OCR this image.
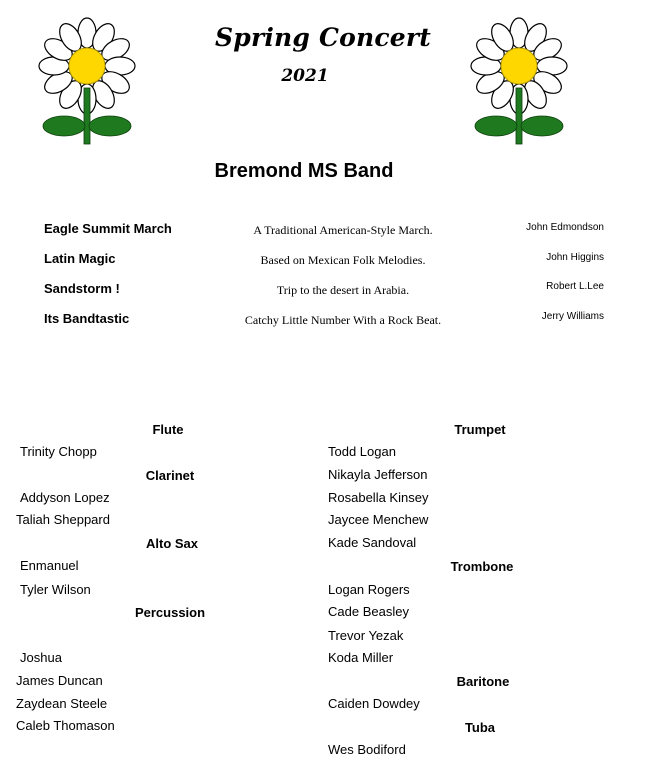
Spring Concert
2021
Bremond MS Band
Eagle Summit March	A Traditional American-Style March.	John Edmondson
Latin Magic	Based on Mexican Folk Melodies.	John Higgins
Sandstorm !	Trip to the desert in Arabia.	Robert L.Lee
Its Bandtastic	Catchy Little Number With a Rock Beat.	Jerry Williams
Flute
Trinity Chopp
Clarinet
Addyson Lopez
Taliah Sheppard
Alto Sax
Enmanuel
Tyler Wilson
Percussion
Joshua
James Duncan
Zaydean Steele
Caleb Thomason
Trumpet
Todd Logan
Nikayla Jefferson
Rosabella Kinsey
Jaycee Menchew
Kade Sandoval
Trombone
Logan Rogers
Cade Beasley
Trevor Yezak
Koda Miller
Baritone
Caiden Dowdey
Tuba
Wes Bodiford
